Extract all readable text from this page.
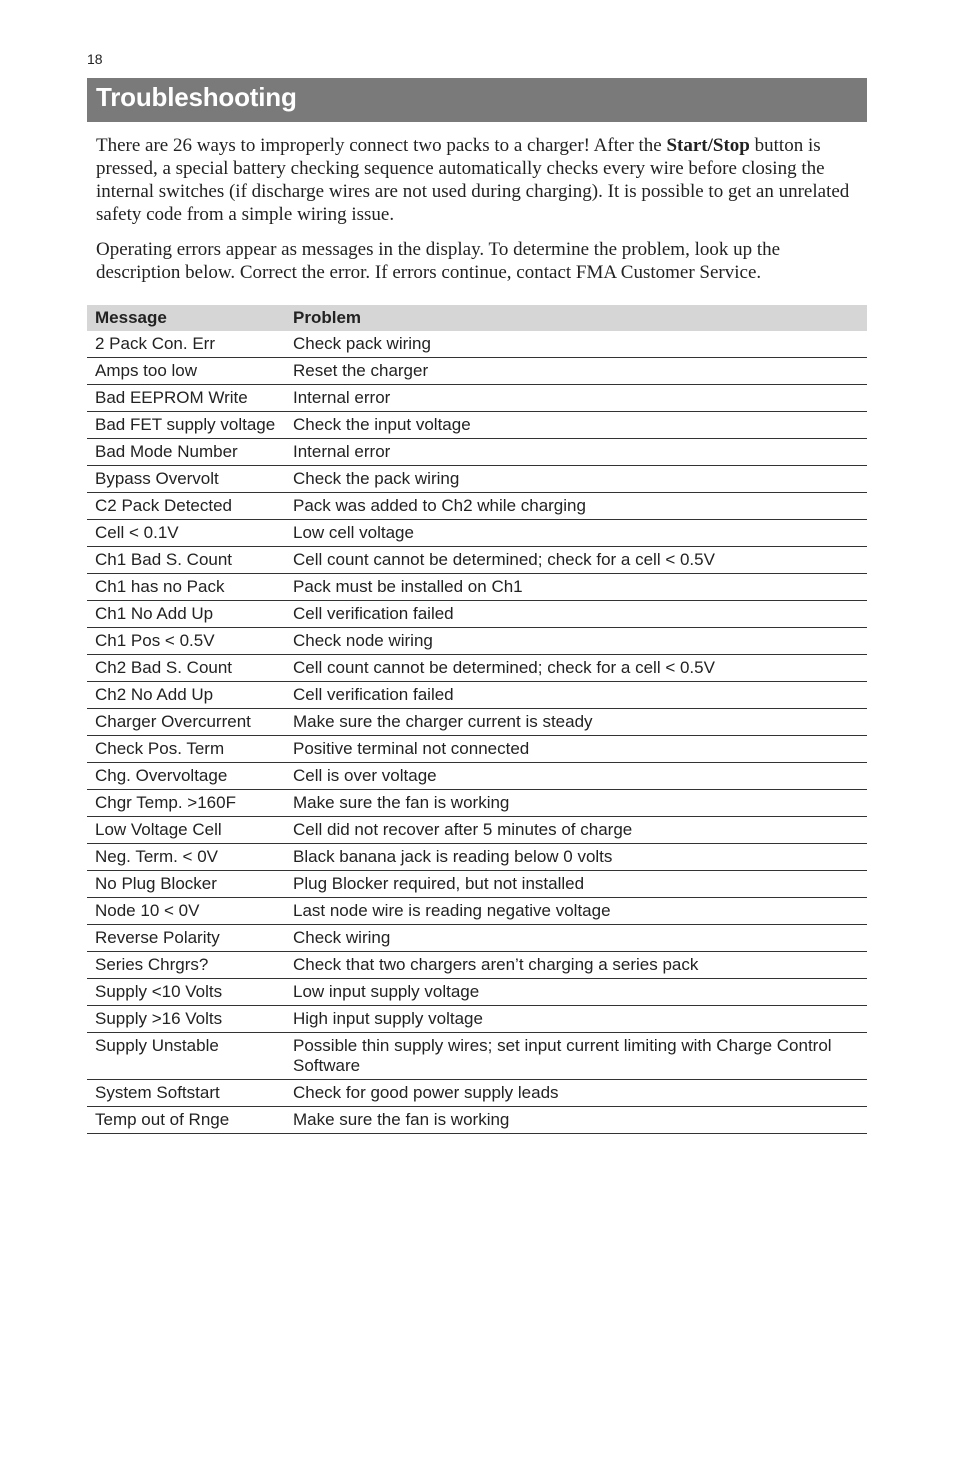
18
Troubleshooting

There are 26 ways to improperly connect two packs to a charger! After the Start/Stop button is pressed, a special battery checking sequence automatically checks every wire before closing the internal switches (if discharge wires are not used during charging). It is possible to get an unrelated safety code from a simple wiring issue.

Operating errors appear as messages in the display. To determine the problem, look up the description below. Correct the error. If errors continue, contact FMA Customer Service.

Message	Problem
2 Pack Con. Err	Check pack wiring
Amps too low	Reset the charger
Bad EEPROM Write	Internal error
Bad FET supply voltage	Check the input voltage
Bad Mode Number	Internal error
Bypass Overvolt	Check the pack wiring
C2 Pack Detected	Pack was added to Ch2 while charging
Cell < 0.1V	Low cell voltage
Ch1 Bad S. Count	Cell count cannot be determined; check for a cell < 0.5V
Ch1 has no Pack	Pack must be installed on Ch1
Ch1 No Add Up	Cell verification failed
Ch1 Pos < 0.5V	Check node wiring
Ch2 Bad S. Count	Cell count cannot be determined; check for a cell < 0.5V
Ch2 No Add Up	Cell verification failed
Charger Overcurrent	Make sure the charger current is steady
Check Pos. Term	Positive terminal not connected
Chg. Overvoltage	Cell is over voltage
Chgr Temp. >160F	Make sure the fan is working
Low Voltage Cell	Cell did not recover after 5 minutes of charge
Neg. Term. < 0V	Black banana jack is reading below 0 volts
No Plug Blocker	Plug Blocker required, but not installed
Node 10 < 0V	Last node wire is reading negative voltage
Reverse Polarity	Check wiring
Series Chrgrs?	Check that two chargers aren’t charging a series pack
Supply <10 Volts	Low input supply voltage
Supply >16 Volts	High input supply voltage
Supply Unstable	Possible thin supply wires; set input current limiting with Charge Control Software
System Softstart	Check for good power supply leads
Temp out of Rnge	Make sure the fan is working
